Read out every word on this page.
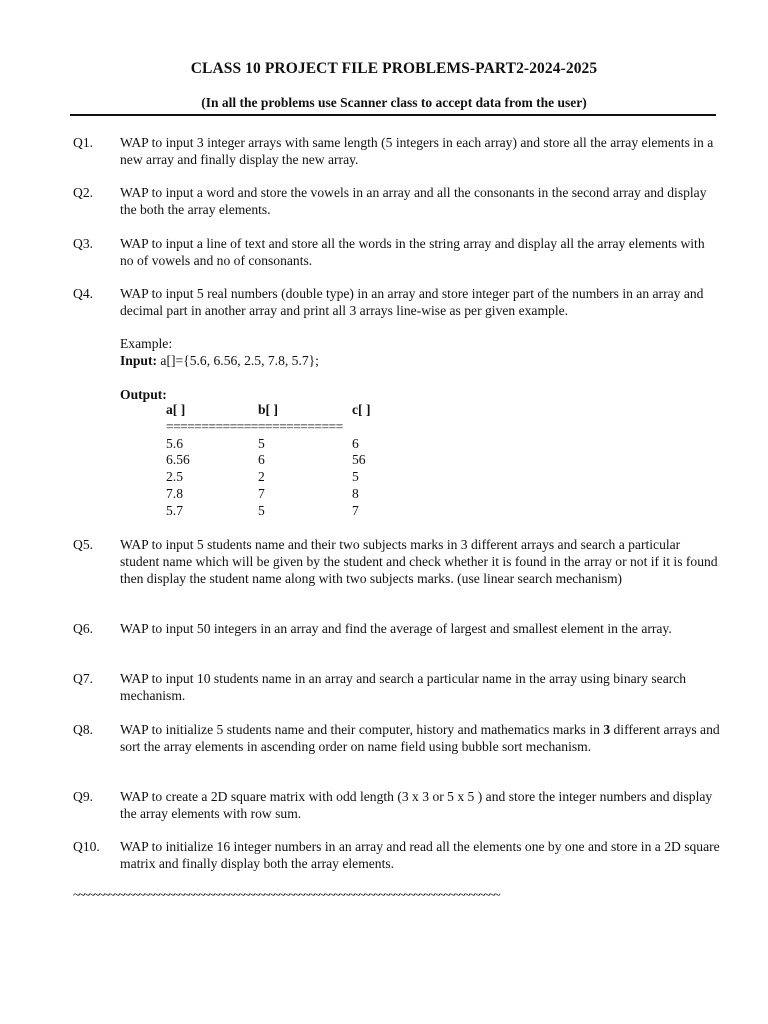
CLASS 10 PROJECT FILE PROBLEMS-PART2-2024-2025
(In all the problems use Scanner class to accept data from the user)
Q1. WAP to input 3 integer arrays with same length (5 integers in each array) and store all the array elements in a new array and finally display the new array.
Q2. WAP to input a word and store the vowels in an array and all the consonants in the second array and display the both the array elements.
Q3. WAP to input a line of text and store all the words in the string array and display all the array elements with no of vowels and no of consonants.
Q4. WAP to input 5 real numbers (double type) in an array and store integer part of the numbers in an array and decimal part in another array and print all 3 arrays line-wise as per given example.
Example:
Input: a[]={5.6, 6.56, 2.5, 7.8, 5.7};
Output:
a[ ]	b[ ]	c[ ]
=========================
5.6	5	6
6.56	6	56
2.5	2	5
7.8	7	8
5.7	5	7
Q5. WAP to input 5 students name and their two subjects marks in 3 different arrays and search a particular student name which will be given by the student and check whether it is found in the array or not if it is found then display the student name along with two subjects marks. (use linear search mechanism)
Q6. WAP to input 50 integers in an array and find the average of largest and smallest element in the array.
Q7. WAP to input 10 students name in an array and search a particular name in the array using binary search mechanism.
Q8. WAP to initialize 5 students name and their computer, history and mathematics marks in 3 different arrays and sort the array elements in ascending order on name field using bubble sort mechanism.
Q9. WAP to create a 2D square matrix with odd length (3 x 3 or 5 x 5 ) and store the integer numbers and display the array elements with row sum.
Q10. WAP to initialize 16 integer numbers in an array and read all the elements one by one and store in a 2D square matrix and finally display both the array elements.
~~~~~~~~~~~~~~~~~~~~~~~~~~~~~~~~~~~~~~~~~~~~~~~~~~~~~~~~~~~~~~~~~~~~~~~~~~~~~~~~~~~~~
